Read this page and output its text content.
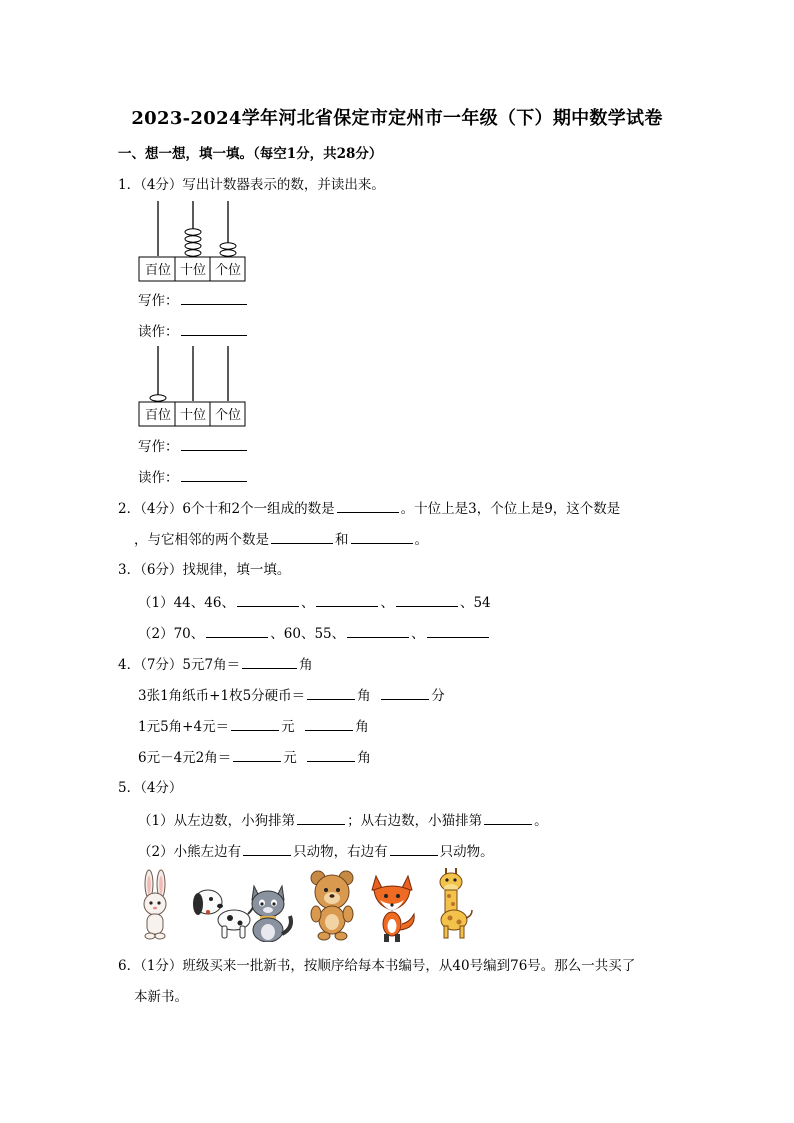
2023-2024学年河北省保定市定州市一年级（下）期中数学试卷
一、想一想，填一填。（每空1分，共28分）
1．（4分）写出计数器表示的数，并读出来。
百位 十位 个位
写作：
读作：
百位 十位 个位
写作：
读作：
2．（4分）6个十和2个一组成的数是	。十位上是3，个位上是9，这个数是
，与它相邻的两个数是	和	。
3．（6分）找规律，填一填。
（1）44、46、	、	、	、54
（2）70、	、60、55、	、
4．（7分）5元7角＝	角
3张1角纸币+1枚5分硬币＝	角	分
1元5角+4元＝	元	角
6元－4元2角＝	元	角
5．（4分）
（1）从左边数，小狗排第	；从右边数，小猫排第	。
（2）小熊左边有	只动物，右边有	只动物。
6．（1分）班级买来一批新书，按顺序给每本书编号，从40号编到76号。那么一共买了
本新书。
